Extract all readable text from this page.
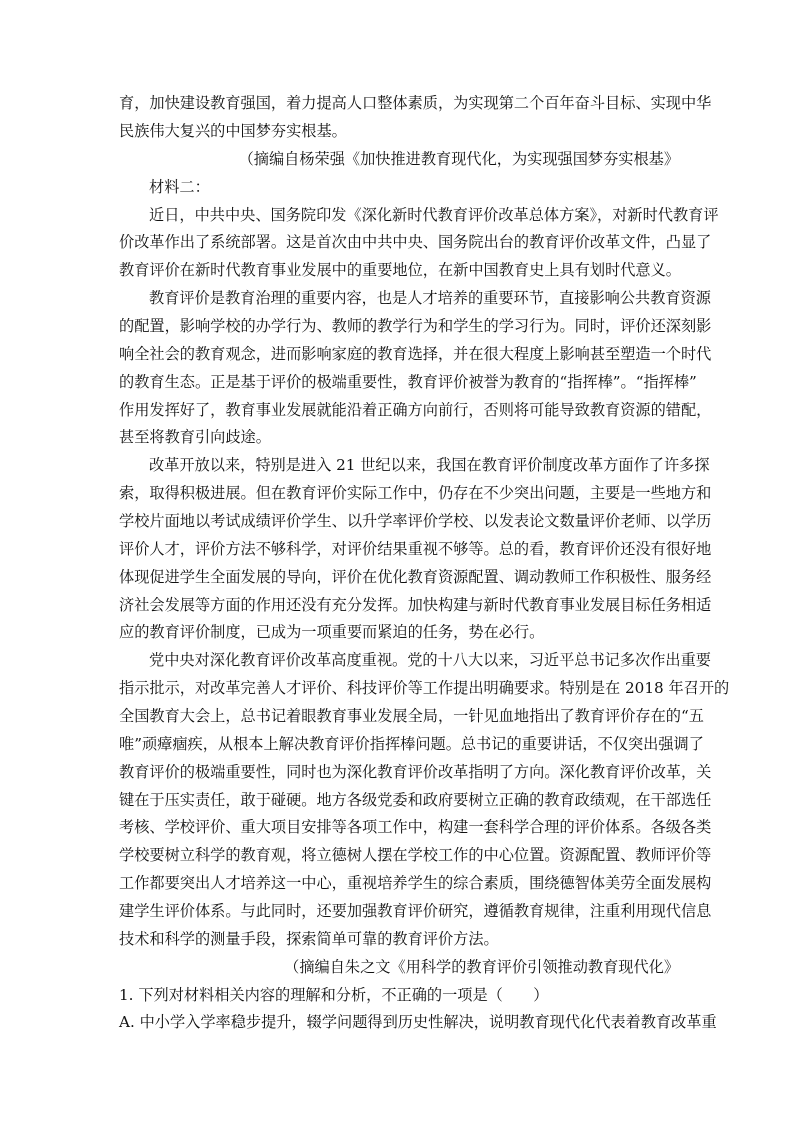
育，加快建设教育强国，着力提高人口整体素质，为实现第二个百年奋斗目标、实现中华
民族伟大复兴的中国梦夯实根基。
（摘编自杨荣强《加快推进教育现代化，为实现强国梦夯实根基》
材料二：
近日，中共中央、国务院印发《深化新时代教育评价改革总体方案》，对新时代教育评
价改革作出了系统部署。这是首次由中共中央、国务院出台的教育评价改革文件，凸显了
教育评价在新时代教育事业发展中的重要地位，在新中国教育史上具有划时代意义。
教育评价是教育治理的重要内容，也是人才培养的重要环节，直接影响公共教育资源
的配置，影响学校的办学行为、教师的教学行为和学生的学习行为。同时，评价还深刻影
响全社会的教育观念，进而影响家庭的教育选择，并在很大程度上影响甚至塑造一个时代
的教育生态。正是基于评价的极端重要性，教育评价被誉为教育的“指挥棒”。“指挥棒”
作用发挥好了，教育事业发展就能沿着正确方向前行，否则将可能导致教育资源的错配，
甚至将教育引向歧途。
改革开放以来，特别是进入 21 世纪以来，我国在教育评价制度改革方面作了许多探
索，取得积极进展。但在教育评价实际工作中，仍存在不少突出问题，主要是一些地方和
学校片面地以考试成绩评价学生、以升学率评价学校、以发表论文数量评价老师、以学历
评价人才，评价方法不够科学，对评价结果重视不够等。总的看，教育评价还没有很好地
体现促进学生全面发展的导向，评价在优化教育资源配置、调动教师工作积极性、服务经
济社会发展等方面的作用还没有充分发挥。加快构建与新时代教育事业发展目标任务相适
应的教育评价制度，已成为一项重要而紧迫的任务，势在必行。
党中央对深化教育评价改革高度重视。党的十八大以来，习近平总书记多次作出重要
指示批示，对改革完善人才评价、科技评价等工作提出明确要求。特别是在 2018 年召开的
全国教育大会上，总书记着眼教育事业发展全局，一针见血地指出了教育评价存在的“五
唯”顽瘴痼疾，从根本上解决教育评价指挥棒问题。总书记的重要讲话，不仅突出强调了
教育评价的极端重要性，同时也为深化教育评价改革指明了方向。深化教育评价改革，关
键在于压实责任，敢于碰硬。地方各级党委和政府要树立正确的教育政绩观，在干部选任
考核、学校评价、重大项目安排等各项工作中，构建一套科学合理的评价体系。各级各类
学校要树立科学的教育观，将立德树人摆在学校工作的中心位置。资源配置、教师评价等
工作都要突出人才培养这一中心，重视培养学生的综合素质，围绕德智体美劳全面发展构
建学生评价体系。与此同时，还要加强教育评价研究，遵循教育规律，注重利用现代信息
技术和科学的测量手段，探索简单可靠的教育评价方法。
（摘编自朱之文《用科学的教育评价引领推动教育现代化》
1. 下列对材料相关内容的理解和分析，不正确的一项是（　　）
A. 中小学入学率稳步提升，辍学问题得到历史性解决，说明教育现代化代表着教育改革重
